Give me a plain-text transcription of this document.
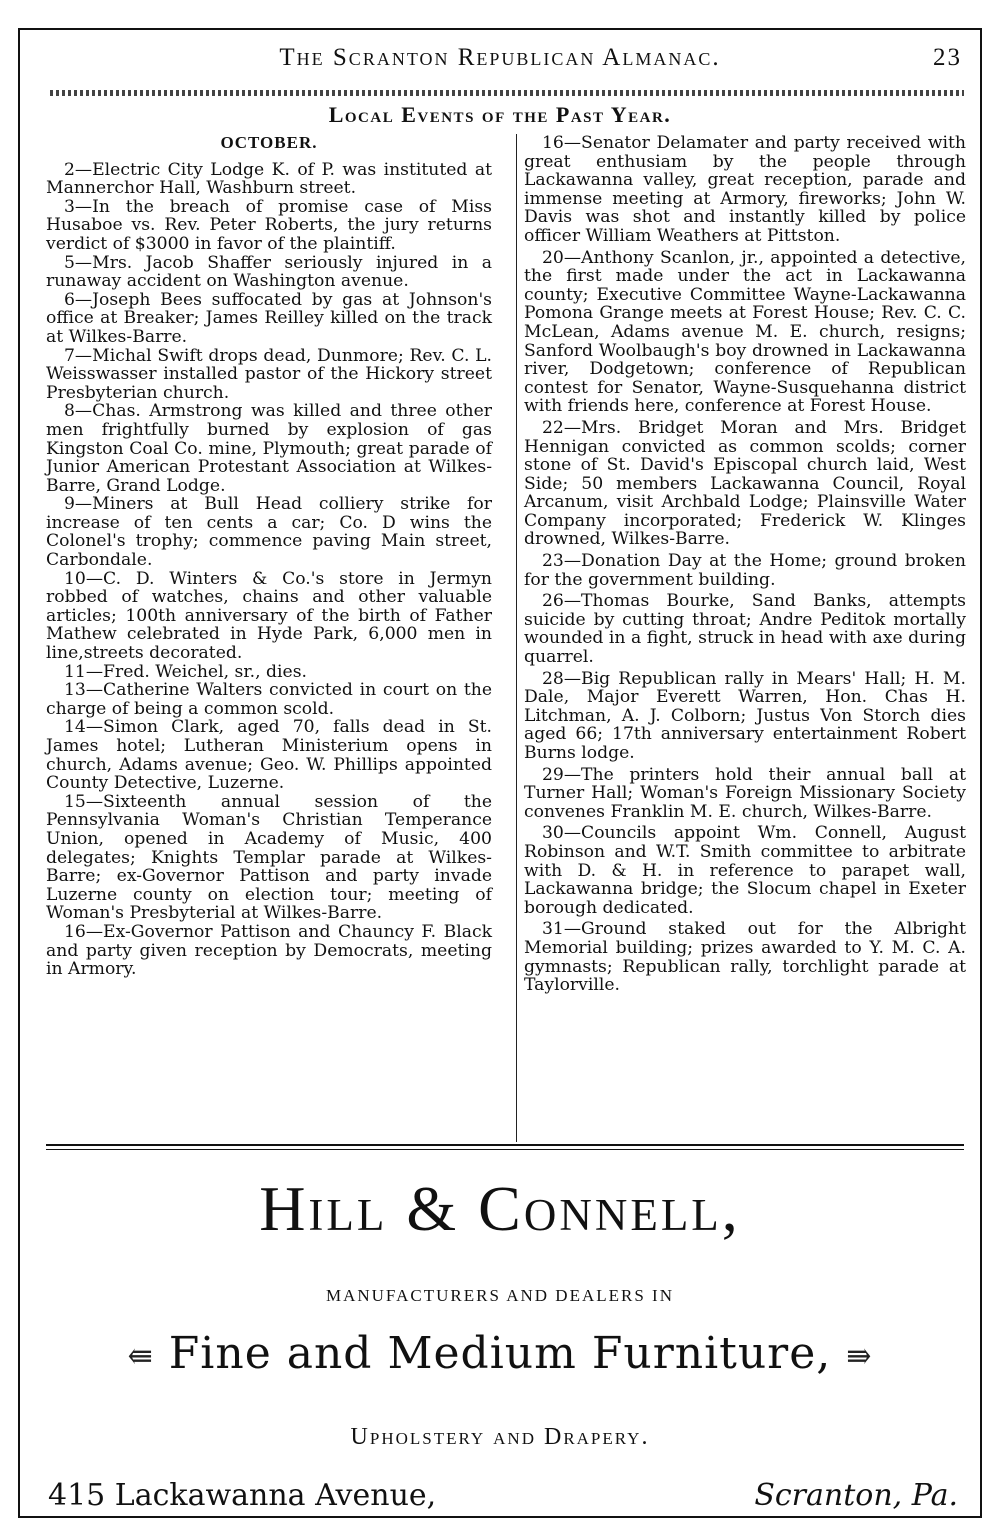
The Scranton Republican Almanac.	23
Local Events of the Past Year.
OCTOBER.
2—Electric City Lodge K. of P. was instituted at Mannerchor Hall, Washburn street.
3—In the breach of promise case of Miss Husaboe vs. Rev. Peter Roberts, the jury returns verdict of $3000 in favor of the plaintiff.
5—Mrs. Jacob Shaffer seriously injured in a runaway accident on Washington avenue.
6—Joseph Bees suffocated by gas at Johnson's office at Breaker; James Reilley killed on the track at Wilkes-Barre.
7—Michal Swift drops dead, Dunmore; Rev. C. L. Weisswasser installed pastor of the Hickory street Presbyterian church.
8—Chas. Armstrong was killed and three other men frightfully burned by explosion of gas Kingston Coal Co. mine, Plymouth; great parade of Junior American Protestant Association at Wilkes-Barre, Grand Lodge.
9—Miners at Bull Head colliery strike for increase of ten cents a car; Co. D wins the Colonel's trophy; commence paving Main street, Carbondale.
10—C. D. Winters & Co.'s store in Jermyn robbed of watches, chains and other valuable articles; 100th anniversary of the birth of Father Mathew celebrated in Hyde Park, 6,000 men in line,streets decorated.
11—Fred. Weichel, sr., dies.
13—Catherine Walters convicted in court on the charge of being a common scold.
14—Simon Clark, aged 70, falls dead in St. James hotel; Lutheran Ministerium opens in church, Adams avenue; Geo. W. Phillips appointed County Detective, Luzerne.
15—Sixteenth annual session of the Pennsylvania Woman's Christian Temperance Union, opened in Academy of Music, 400 delegates; Knights Templar parade at Wilkes-Barre; ex-Governor Pattison and party invade Luzerne county on election tour; meeting of Woman's Presbyterial at Wilkes-Barre.
16—Ex-Governor Pattison and Chauncy F. Black and party given reception by Democrats, meeting in Armory.
16—Senator Delamater and party received with great enthusiam by the people through Lackawanna valley, great reception, parade and immense meeting at Armory, fireworks; John W. Davis was shot and instantly killed by police officer William Weathers at Pittston.
20—Anthony Scanlon, jr., appointed a detective, the first made under the act in Lackawanna county; Executive Committee Wayne-Lackawanna Pomona Grange meets at Forest House; Rev. C. C. McLean, Adams avenue M. E. church, resigns; Sanford Woolbaugh's boy drowned in Lackawanna river, Dodgetown; conference of Republican contest for Senator, Wayne-Susquehanna district with friends here, conference at Forest House.
22—Mrs. Bridget Moran and Mrs. Bridget Hennigan convicted as common scolds; corner stone of St. David's Episcopal church laid, West Side; 50 members Lackawanna Council, Royal Arcanum, visit Archbald Lodge; Plainsville Water Company incorporated; Frederick W. Klinges drowned, Wilkes-Barre.
23—Donation Day at the Home; ground broken for the government building.
26—Thomas Bourke, Sand Banks, attempts suicide by cutting throat; Andre Peditok mortally wounded in a fight, struck in head with axe during quarrel.
28—Big Republican rally in Mears' Hall; H. M. Dale, Major Everett Warren, Hon. Chas H. Litchman, A. J. Colborn; Justus Von Storch dies aged 66; 17th anniversary entertainment Robert Burns lodge.
29—The printers hold their annual ball at Turner Hall; Woman's Foreign Missionary Society convenes Franklin M. E. church, Wilkes-Barre.
30—Councils appoint Wm. Connell, August Robinson and W.T. Smith committee to arbitrate with D. & H. in reference to parapet wall, Lackawanna bridge; the Slocum chapel in Exeter borough dedicated.
31—Ground staked out for the Albright Memorial building; prizes awarded to Y. M. C. A. gymnasts; Republican rally, torchlight parade at Taylorville.
Hill & Connell,
MANUFACTURERS AND DEALERS IN
⇚ Fine and Medium Furniture, ⇛
Upholstery and Drapery.
415 Lackawanna Avenue,	Scranton, Pa.
